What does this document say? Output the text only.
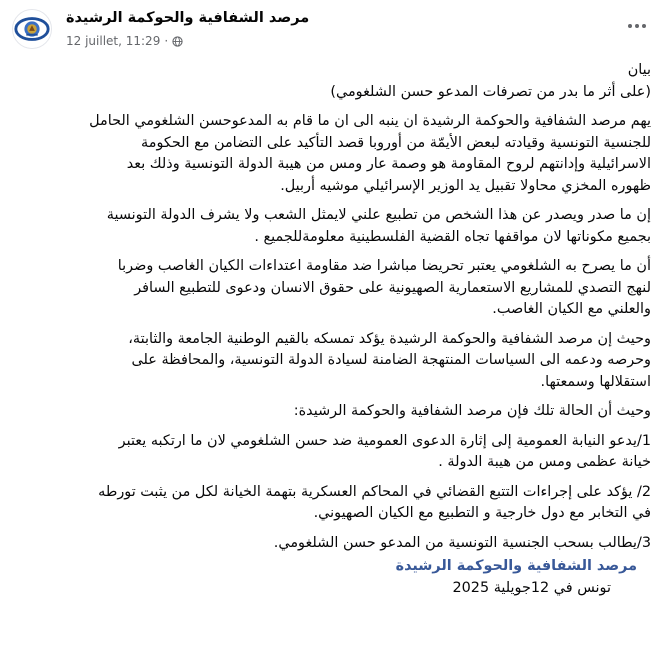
مرصد الشفافية والحوكمة الرشيدة
12 juillet, 11:29 ·

بيان
(على أثر ما بدر من تصرفات المدعو حسن الشلغومي)

يهم مرصد الشفافية والحوكمة الرشيدة ان ينبه الى ان ما قام به المدعوحسن الشلغومي الحامل
للجنسية التونسية وقيادته لبعض الأيمّة من أوروبا قصد التأكيد على التضامن مع الحكومة
الاسرائيلية وإدانتهم لروح المقاومة هو وصمة عار ومس من هيبة الدولة التونسية وذلك بعد
ظهوره المخزي محاولا تقبيل يد الوزير الإسرائيلي موشيه أربيل.

إن ما صدر ويصدر عن هذا الشخص من تطبيع علني لايمثل الشعب ولا يشرف الدولة التونسية
بجميع مكوناتها لان مواقفها تجاه القضية الفلسطينية معلومةللجميع .

أن ما يصرح به الشلغومي يعتبر تحريضا مباشرا ضد مقاومة اعتداءات الكيان الغاصب وضربا
لنهج التصدي للمشاريع الاستعمارية الصهيونية على حقوق الانسان ودعوى للتطبيع السافر
والعلني مع الكيان الغاصب.

وحيث إن مرصد الشفافية والحوكمة الرشيدة يؤكد تمسكه بالقيم الوطنية الجامعة والثابتة،
وحرصه ودعمه الى السياسات المنتهجة الضامنة لسيادة الدولة التونسية، والمحافظة على
استقلالها وسمعتها.

وحيث أن الحالة تلك فإن مرصد الشفافية والحوكمة الرشيدة:

1/يدعو النيابة العمومية إلى إثارة الدعوى العمومية ضد حسن الشلغومي لان ما ارتكبه يعتبر
خيانة عظمى ومس من هيبة الدولة .

2/ يؤكد على إجراءات التتبع القضائي في المحاكم العسكرية بتهمة الخيانة لكل من يثبت تورطه
في التخابر مع دول خارجية و التطبيع مع الكيان الصهيوني.

3/يطالب بسحب الجنسية التونسية من المدعو حسن الشلغومي.

مرصد الشفافية والحوكمة الرشيدة
تونس في 12جويلية 2025
